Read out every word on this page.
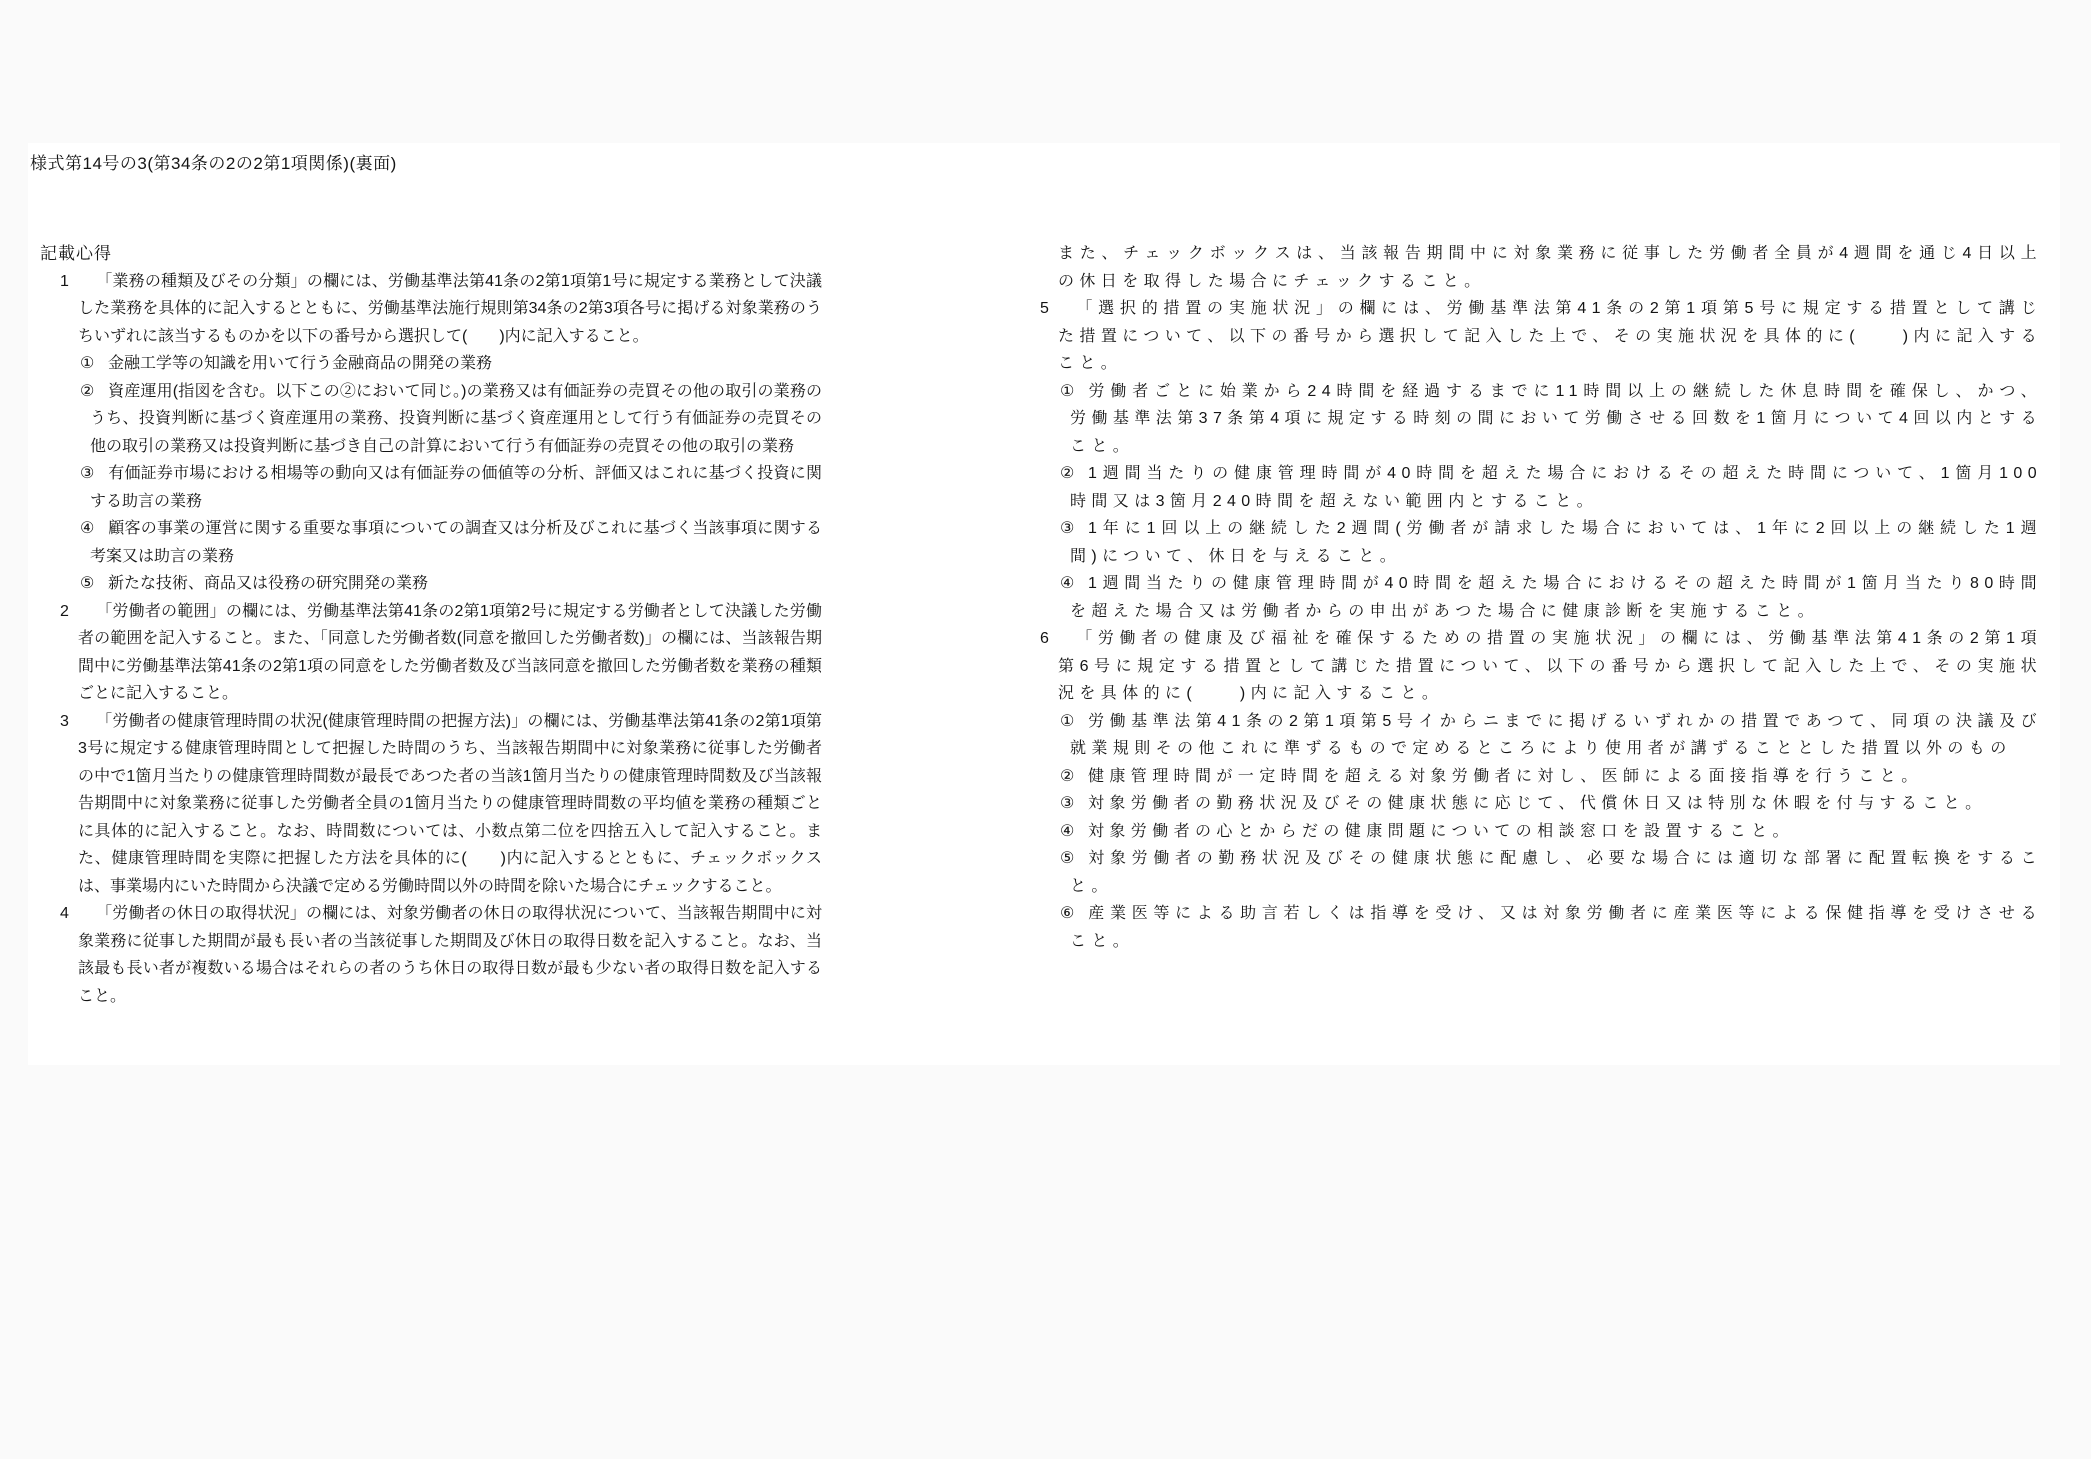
様式第14号の3(第34条の2の2第1項関係)(裏面)
記載心得
1 「業務の種類及びその分類」の欄には、労働基準法第41条の2第1項第1号に規定する業務として決議した業務を具体的に記入するとともに、労働基準法施行規則第34条の2第3項各号に掲げる対象業務のうちいずれに該当するものかを以下の番号から選択して(　　)内に記入すること。
① 金融工学等の知識を用いて行う金融商品の開発の業務
② 資産運用(指図を含む。以下この②において同じ。)の業務又は有価証券の売買その他の取引の業務のうち、投資判断に基づく資産運用の業務、投資判断に基づく資産運用として行う有価証券の売買その他の取引の業務又は投資判断に基づき自己の計算において行う有価証券の売買その他の取引の業務
③ 有価証券市場における相場等の動向又は有価証券の価値等の分析、評価又はこれに基づく投資に関する助言の業務
④ 顧客の事業の運営に関する重要な事項についての調査又は分析及びこれに基づく当該事項に関する考案又は助言の業務
⑤ 新たな技術、商品又は役務の研究開発の業務
2 「労働者の範囲」の欄には、労働基準法第41条の2第1項第2号に規定する労働者として決議した労働者の範囲を記入すること。また、「同意した労働者数(同意を撤回した労働者数)」の欄には、当該報告期間中に労働基準法第41条の2第1項の同意をした労働者数及び当該同意を撤回した労働者数を業務の種類ごとに記入すること。
3 「労働者の健康管理時間の状況(健康管理時間の把握方法)」の欄には、労働基準法第41条の2第1項第3号に規定する健康管理時間として把握した時間のうち、当該報告期間中に対象業務に従事した労働者の中で1箇月当たりの健康管理時間数が最長であつた者の当該1箇月当たりの健康管理時間数及び当該報告期間中に対象業務に従事した労働者全員の1箇月当たりの健康管理時間数の平均値を業務の種類ごとに具体的に記入すること。なお、時間数については、小数点第二位を四捨五入して記入すること。また、健康管理時間を実際に把握した方法を具体的に(　　)内に記入するとともに、チェックボックスは、事業場内にいた時間から決議で定める労働時間以外の時間を除いた場合にチェックすること。
4 「労働者の休日の取得状況」の欄には、対象労働者の休日の取得状況について、当該報告期間中に対象業務に従事した期間が最も長い者の当該従事した期間及び休日の取得日数を記入すること。なお、当該最も長い者が複数いる場合はそれらの者のうち休日の取得日数が最も少ない者の取得日数を記入すること。
また、チェックボックスは、当該報告期間中に対象業務に従事した労働者全員が4週間を通じ4日以上の休日を取得した場合にチェックすること。
5 「選択的措置の実施状況」の欄には、労働基準法第41条の2第1項第5号に規定する措置として講じた措置について、以下の番号から選択して記入した上で、その実施状況を具体的に(　　)内に記入すること。
① 労働者ごとに始業から24時間を経過するまでに11時間以上の継続した休息時間を確保し、かつ、労働基準法第37条第4項に規定する時刻の間において労働させる回数を1箇月について4回以内とすること。
② 1週間当たりの健康管理時間が40時間を超えた場合におけるその超えた時間について、1箇月100時間又は3箇月240時間を超えない範囲内とすること。
③ 1年に1回以上の継続した2週間(労働者が請求した場合においては、1年に2回以上の継続した1週間)について、休日を与えること。
④ 1週間当たりの健康管理時間が40時間を超えた場合におけるその超えた時間が1箇月当たり80時間を超えた場合又は労働者からの申出があつた場合に健康診断を実施すること。
6 「労働者の健康及び福祉を確保するための措置の実施状況」の欄には、労働基準法第41条の2第1項第6号に規定する措置として講じた措置について、以下の番号から選択して記入した上で、その実施状況を具体的に(　　)内に記入すること。
① 労働基準法第41条の2第1項第5号イからニまでに掲げるいずれかの措置であつて、同項の決議及び就業規則その他これに準ずるもので定めるところにより使用者が講ずることとした措置以外のもの
② 健康管理時間が一定時間を超える対象労働者に対し、医師による面接指導を行うこと。
③ 対象労働者の勤務状況及びその健康状態に応じて、代償休日又は特別な休暇を付与すること。
④ 対象労働者の心とからだの健康問題についての相談窓口を設置すること。
⑤ 対象労働者の勤務状況及びその健康状態に配慮し、必要な場合には適切な部署に配置転換をすること。
⑥ 産業医等による助言若しくは指導を受け、又は対象労働者に産業医等による保健指導を受けさせること。
